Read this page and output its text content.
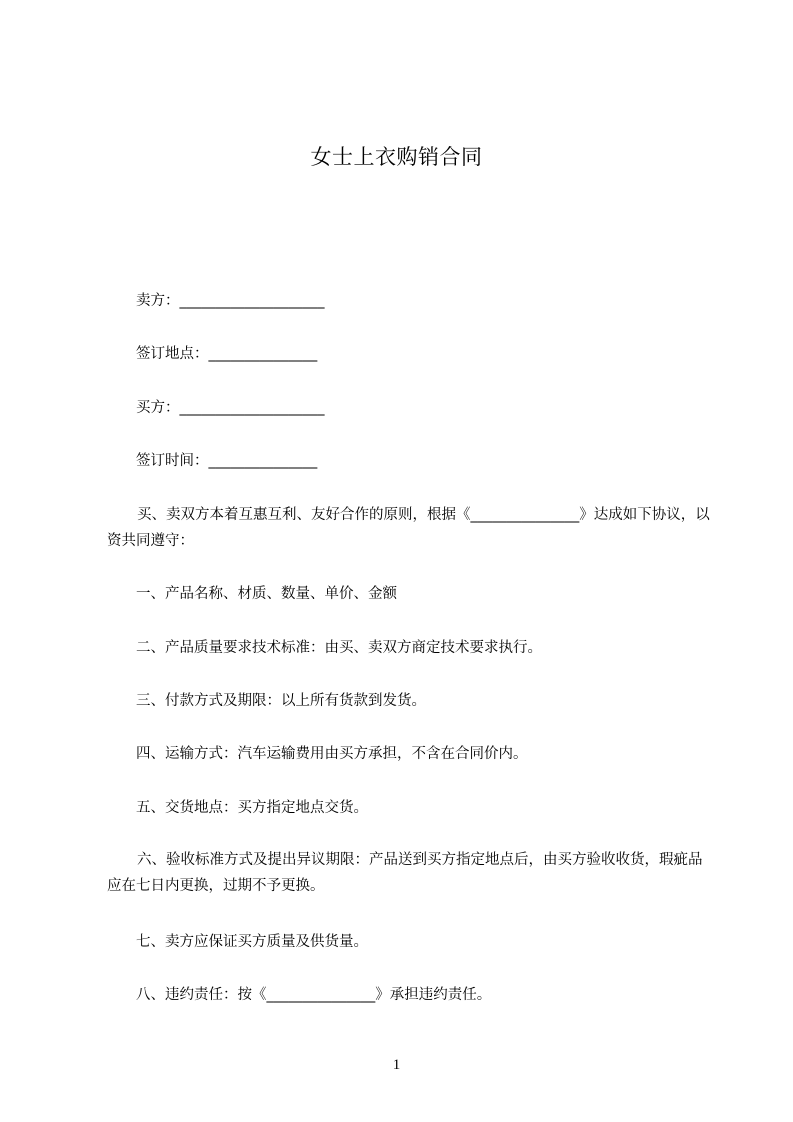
女士上衣购销合同
卖方：____________________
签订地点：_______________
买方：____________________
签订时间：_______________
买、卖双方本着互惠互利、友好合作的原则，根据《_______________》达成如下协议，以资共同遵守：
一、产品名称、材质、数量、单价、金额
二、产品质量要求技术标准：由买、卖双方商定技术要求执行。
三、付款方式及期限：以上所有货款到发货。
四、运输方式：汽车运输费用由买方承担，不含在合同价内。
五、交货地点：买方指定地点交货。
六、验收标准方式及提出异议期限：产品送到买方指定地点后，由买方验收收货，瑕疵品应在七日内更换，过期不予更换。
七、卖方应保证买方质量及供货量。
八、违约责任：按《_______________》承担违约责任。
1
